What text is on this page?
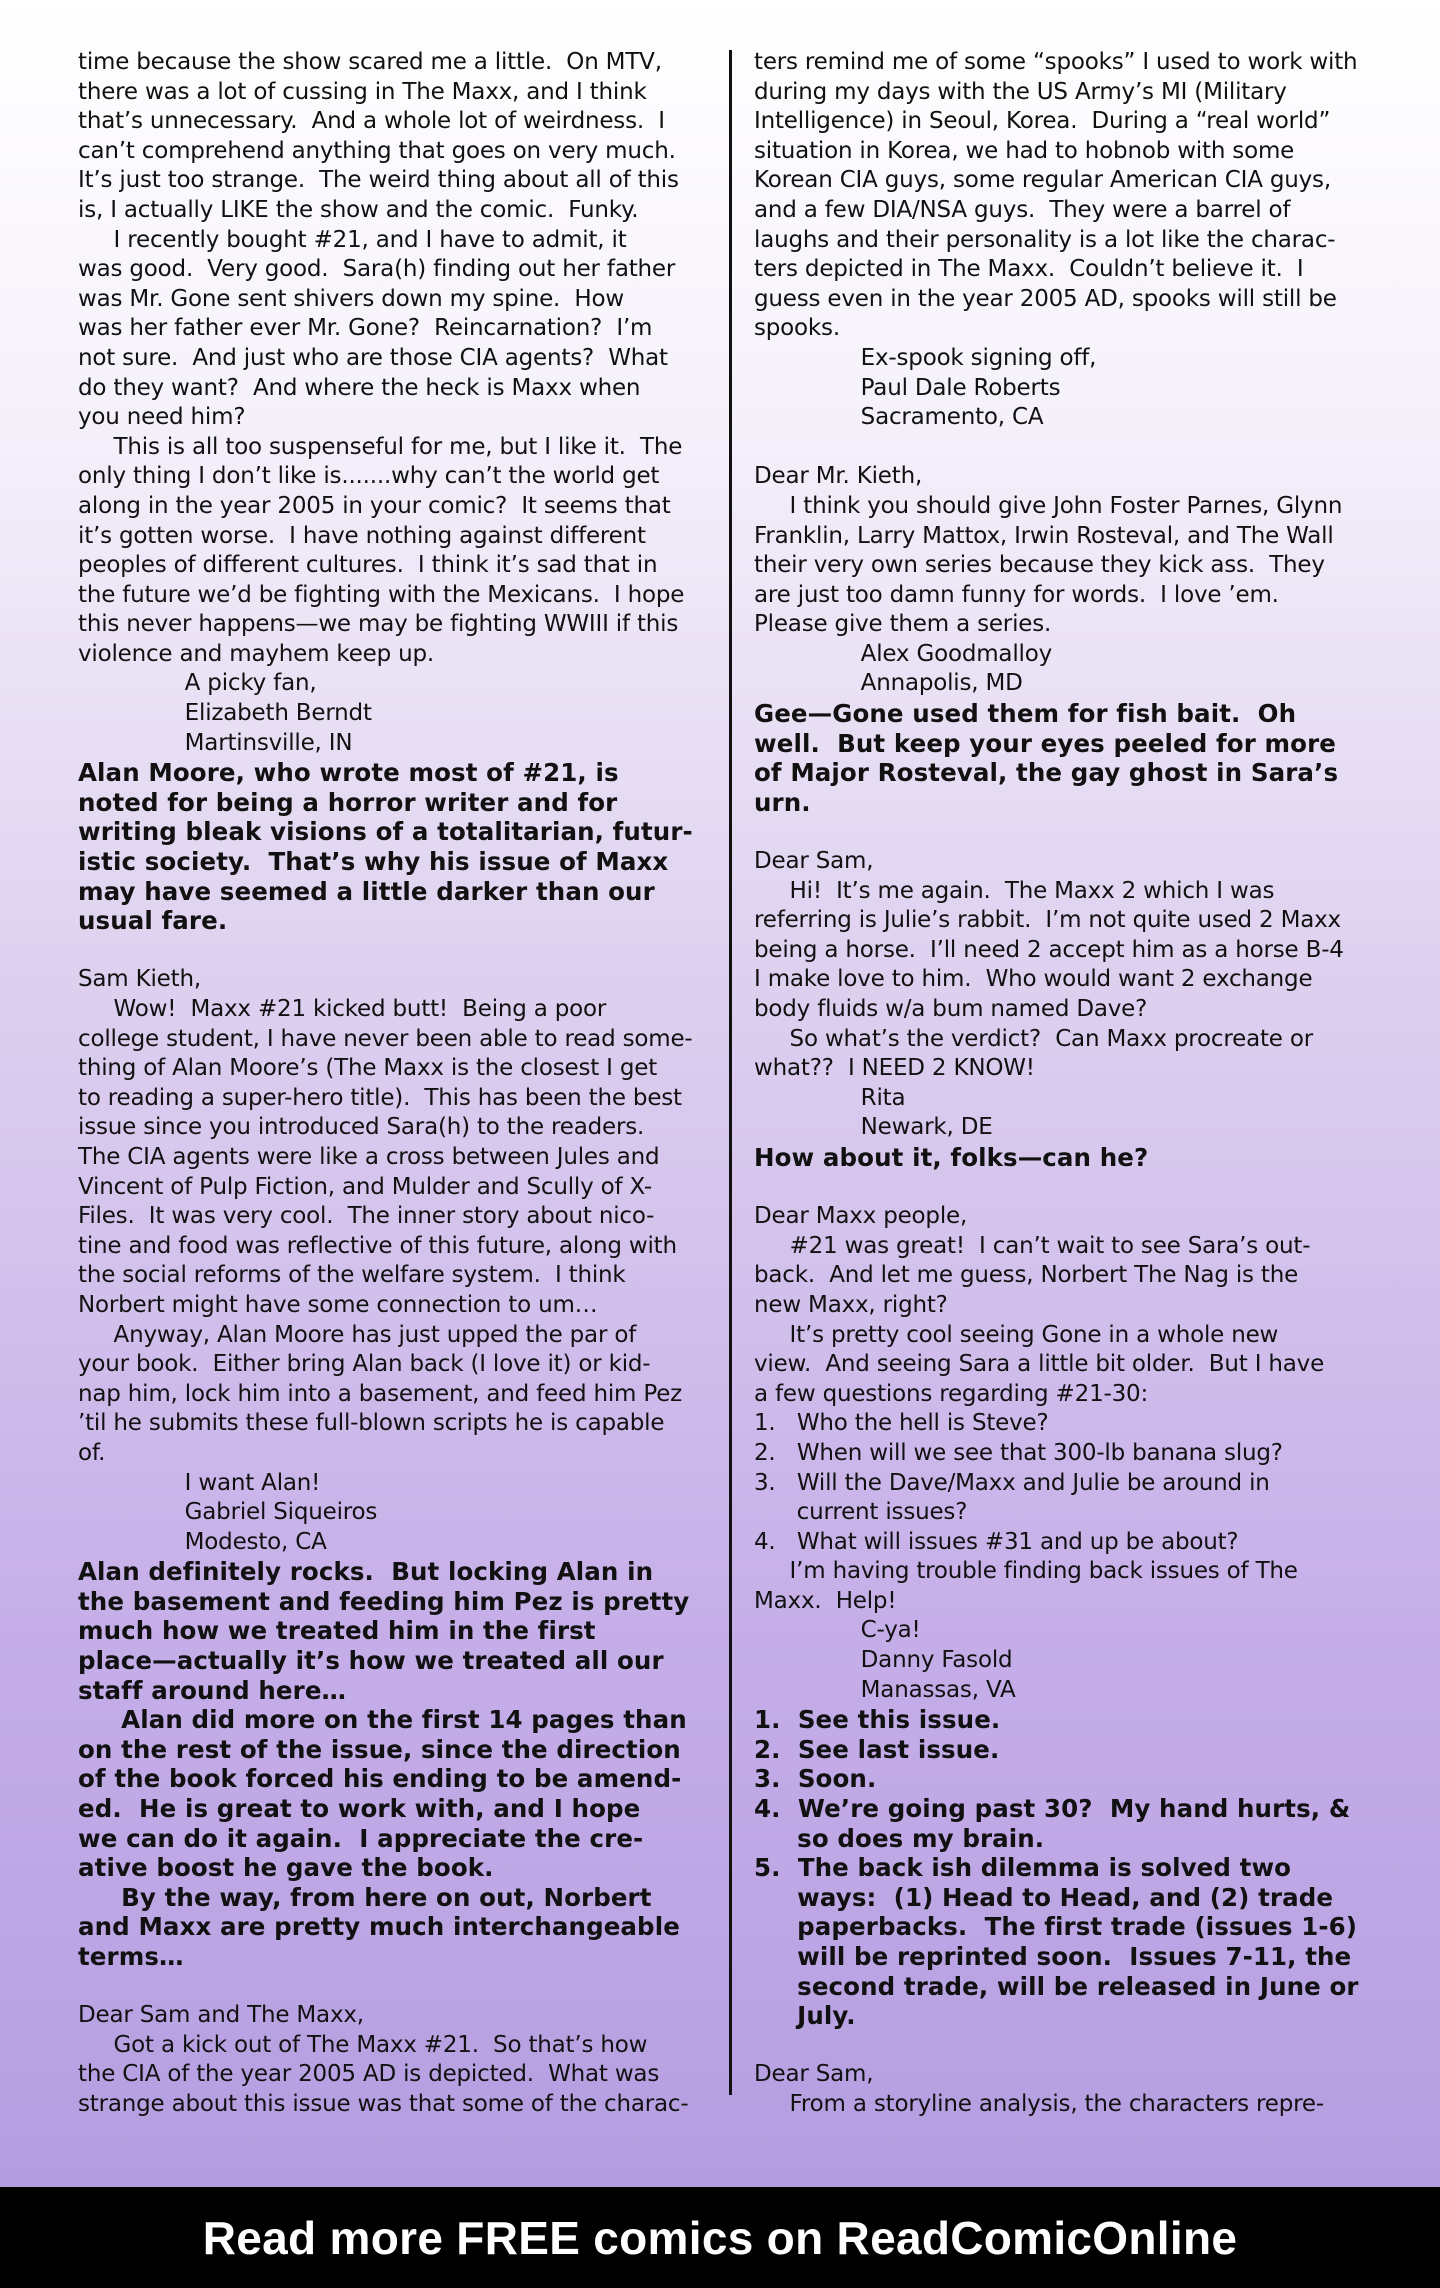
time because the show scared me a little.  On MTV,
there was a lot of cussing in The Maxx, and I think
that’s unnecessary.  And a whole lot of weirdness.  I
can’t comprehend anything that goes on very much.
It’s just too strange.  The weird thing about all of this
is, I actually LIKE the show and the comic.  Funky.
I recently bought #21, and I have to admit, it
was good.  Very good.  Sara(h) finding out her father
was Mr. Gone sent shivers down my spine.  How
was her father ever Mr. Gone?  Reincarnation?  I’m
not sure.  And just who are those CIA agents?  What
do they want?  And where the heck is Maxx when
you need him?
This is all too suspenseful for me, but I like it.  The
only thing I don’t like is.......why can’t the world get
along in the year 2005 in your comic?  It seems that
it’s gotten worse.  I have nothing against different
peoples of different cultures.  I think it’s sad that in
the future we’d be fighting with the Mexicans.  I hope
this never happens—we may be fighting WWIII if this
violence and mayhem keep up.
A picky fan,
Elizabeth Berndt
Martinsville, IN
Alan Moore, who wrote most of #21, is
noted for being a horror writer and for
writing bleak visions of a totalitarian, futur-
istic society.  That’s why his issue of Maxx
may have seemed a little darker than our
usual fare.
Sam Kieth,
Wow!  Maxx #21 kicked butt!  Being a poor
college student, I have never been able to read some-
thing of Alan Moore’s (The Maxx is the closest I get
to reading a super-hero title).  This has been the best
issue since you introduced Sara(h) to the readers.
The CIA agents were like a cross between Jules and
Vincent of Pulp Fiction, and Mulder and Scully of X-
Files.  It was very cool.  The inner story about nico-
tine and food was reflective of this future, along with
the social reforms of the welfare system.  I think
Norbert might have some connection to um…
Anyway, Alan Moore has just upped the par of
your book.  Either bring Alan back (I love it) or kid-
nap him, lock him into a basement, and feed him Pez
’til he submits these full-blown scripts he is capable
of.
I want Alan!
Gabriel Siqueiros
Modesto, CA
Alan definitely rocks.  But locking Alan in
the basement and feeding him Pez is pretty
much how we treated him in the first
place—actually it’s how we treated all our
staff around here…
Alan did more on the first 14 pages than
on the rest of the issue, since the direction
of the book forced his ending to be amend-
ed.  He is great to work with, and I hope
we can do it again.  I appreciate the cre-
ative boost he gave the book.
By the way, from here on out, Norbert
and Maxx are pretty much interchangeable
terms…
Dear Sam and The Maxx,
Got a kick out of The Maxx #21.  So that’s how
the CIA of the year 2005 AD is depicted.  What was
strange about this issue was that some of the charac-
ters remind me of some “spooks” I used to work with
during my days with the US Army’s MI (Military
Intelligence) in Seoul, Korea.  During a “real world”
situation in Korea, we had to hobnob with some
Korean CIA guys, some regular American CIA guys,
and a few DIA/NSA guys.  They were a barrel of
laughs and their personality is a lot like the charac-
ters depicted in The Maxx.  Couldn’t believe it.  I
guess even in the year 2005 AD, spooks will still be
spooks.
Ex-spook signing off,
Paul Dale Roberts
Sacramento, CA
Dear Mr. Kieth,
I think you should give John Foster Parnes, Glynn
Franklin, Larry Mattox, Irwin Rosteval, and The Wall
their very own series because they kick ass.  They
are just too damn funny for words.  I love ’em.
Please give them a series.
Alex Goodmalloy
Annapolis, MD
Gee—Gone used them for fish bait.  Oh
well.  But keep your eyes peeled for more
of Major Rosteval, the gay ghost in Sara’s
urn.
Dear Sam,
Hi!  It’s me again.  The Maxx 2 which I was
referring is Julie’s rabbit.  I’m not quite used 2 Maxx
being a horse.  I’ll need 2 accept him as a horse B-4
I make love to him.  Who would want 2 exchange
body fluids w/a bum named Dave?
So what’s the verdict?  Can Maxx procreate or
what??  I NEED 2 KNOW!
Rita
Newark, DE
How about it, folks—can he?
Dear Maxx people,
#21 was great!  I can’t wait to see Sara’s out-
back.  And let me guess, Norbert The Nag is the
new Maxx, right?
It’s pretty cool seeing Gone in a whole new
view.  And seeing Sara a little bit older.  But I have
a few questions regarding #21-30:
1.   Who the hell is Steve?
2.   When will we see that 300-lb banana slug?
3.   Will the Dave/Maxx and Julie be around in
current issues?
4.   What will issues #31 and up be about?
I’m having trouble finding back issues of The
Maxx.  Help!
C-ya!
Danny Fasold
Manassas, VA
1.  See this issue.
2.  See last issue.
3.  Soon.
4.  We’re going past 30?  My hand hurts, &
so does my brain.
5.  The back ish dilemma is solved two
ways:  (1) Head to Head, and (2) trade
paperbacks.  The first trade (issues 1-6)
will be reprinted soon.  Issues 7-11, the
second trade, will be released in June or
July.
Dear Sam,
From a storyline analysis, the characters repre-
Read more FREE comics on ReadComicOnline
